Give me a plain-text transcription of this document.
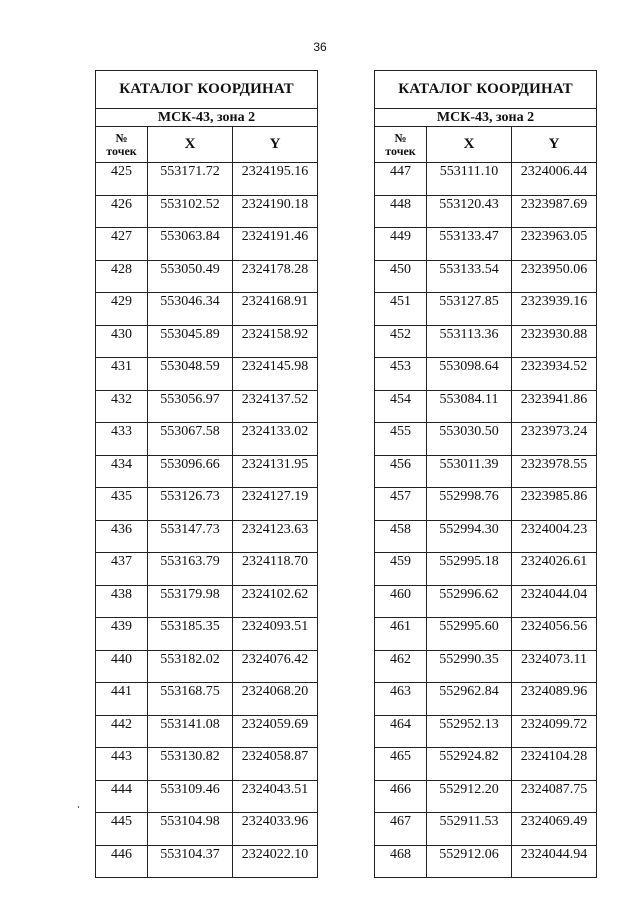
36
КАТАЛОГ КООРДИНАТ		
МСК-43, зона 2		
№
точек	X	Y
425	553171.72	2324195.16
426	553102.52	2324190.18
427	553063.84	2324191.46
428	553050.49	2324178.28
429	553046.34	2324168.91
430	553045.89	2324158.92
431	553048.59	2324145.98
432	553056.97	2324137.52
433	553067.58	2324133.02
434	553096.66	2324131.95
435	553126.73	2324127.19
436	553147.73	2324123.63
437	553163.79	2324118.70
438	553179.98	2324102.62
439	553185.35	2324093.51
440	553182.02	2324076.42
441	553168.75	2324068.20
442	553141.08	2324059.69
443	553130.82	2324058.87
444	553109.46	2324043.51
445	553104.98	2324033.96
446	553104.37	2324022.10
КАТАЛОГ КООРДИНАТ		
МСК-43, зона 2		
№
точек	X	Y
447	553111.10	2324006.44
448	553120.43	2323987.69
449	553133.47	2323963.05
450	553133.54	2323950.06
451	553127.85	2323939.16
452	553113.36	2323930.88
453	553098.64	2323934.52
454	553084.11	2323941.86
455	553030.50	2323973.24
456	553011.39	2323978.55
457	552998.76	2323985.86
458	552994.30	2324004.23
459	552995.18	2324026.61
460	552996.62	2324044.04
461	552995.60	2324056.56
462	552990.35	2324073.11
463	552962.84	2324089.96
464	552952.13	2324099.72
465	552924.82	2324104.28
466	552912.20	2324087.75
467	552911.53	2324069.49
468	552912.06	2324044.94
